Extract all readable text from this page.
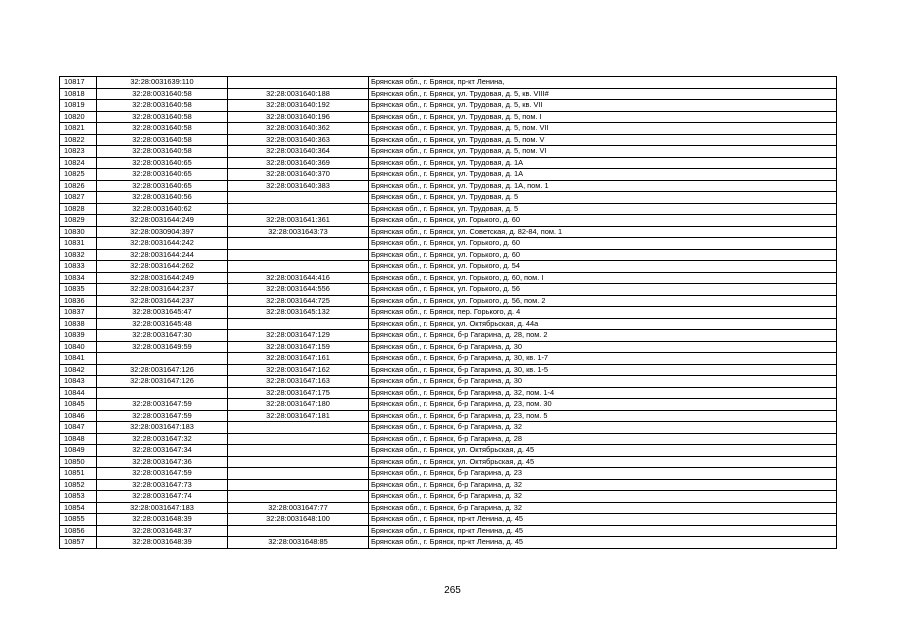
10817	32:28:0031639:110		Брянская обл., г. Брянск, пр-кт Ленина,
10818	32:28:0031640:58	32:28:0031640:188	Брянская обл., г. Брянск, ул. Трудовая, д. 5, кв. VIII#
10819	32:28:0031640:58	32:28:0031640:192	Брянская обл., г. Брянск, ул. Трудовая, д. 5, кв. VII
10820	32:28:0031640:58	32:28:0031640:196	Брянская обл., г. Брянск, ул. Трудовая, д. 5, пом. I
10821	32:28:0031640:58	32:28:0031640:362	Брянская обл., г. Брянск, ул. Трудовая, д. 5, пом. VII
10822	32:28:0031640:58	32:28:0031640:363	Брянская обл., г. Брянск, ул. Трудовая, д. 5, пом. V
10823	32:28:0031640:58	32:28:0031640:364	Брянская обл., г. Брянск, ул. Трудовая, д. 5, пом. VI
10824	32:28:0031640:65	32:28:0031640:369	Брянская обл., г. Брянск, ул. Трудовая, д. 1А
10825	32:28:0031640:65	32:28:0031640:370	Брянская обл., г. Брянск, ул. Трудовая, д. 1А
10826	32:28:0031640:65	32:28:0031640:383	Брянская обл., г. Брянск, ул. Трудовая, д. 1А, пом. 1
10827	32:28:0031640:56		Брянская обл., г. Брянск, ул. Трудовая, д. 5
10828	32:28:0031640:62		Брянская обл., г. Брянск, ул. Трудовая, д. 5
10829	32:28:0031644:249	32:28:0031641:361	Брянская обл., г. Брянск, ул. Горького, д. 60
10830	32:28:0030904:397	32:28:0031643:73	Брянская обл., г. Брянск, ул. Советская, д. 82-84, пом. 1
10831	32:28:0031644:242		Брянская обл., г. Брянск, ул. Горького, д. 60
10832	32:28:0031644:244		Брянская обл., г. Брянск, ул. Горького, д. 60
10833	32:28:0031644:262		Брянская обл., г. Брянск, ул. Горького, д. 54
10834	32:28:0031644:249	32:28:0031644:416	Брянская обл., г. Брянск, ул. Горького, д. 60, пом. I
10835	32:28:0031644:237	32:28:0031644:556	Брянская обл., г. Брянск, ул. Горького, д. 56
10836	32:28:0031644:237	32:28:0031644:725	Брянская обл., г. Брянск, ул. Горького, д. 56, пом. 2
10837	32:28:0031645:47	32:28:0031645:132	Брянская обл., г. Брянск, пер. Горького, д. 4
10838	32:28:0031645:48		Брянская обл., г. Брянск, ул. Октябрьская, д. 44а
10839	32:28:0031647:30	32:28:0031647:129	Брянская обл., г. Брянск, б-р Гагарина, д. 28, пом. 2
10840	32:28:0031649:59	32:28:0031647:159	Брянская обл., г. Брянск, б-р Гагарина, д. 30
10841		32:28:0031647:161	Брянская обл., г. Брянск, б-р Гагарина, д. 30, кв. 1-7
10842	32:28:0031647:126	32:28:0031647:162	Брянская обл., г. Брянск, б-р Гагарина, д. 30, кв. 1-5
10843	32:28:0031647:126	32:28:0031647:163	Брянская обл., г. Брянск, б-р Гагарина, д. 30
10844		32:28:0031647:175	Брянская обл., г. Брянск, б-р Гагарина, д. 32, пом. 1-4
10845	32:28:0031647:59	32:28:0031647:180	Брянская обл., г. Брянск, б-р Гагарина, д. 23, пом. 30
10846	32:28:0031647:59	32:28:0031647:181	Брянская обл., г. Брянск, б-р Гагарина, д. 23, пом. 5
10847	32:28:0031647:183		Брянская обл., г. Брянск, б-р Гагарина, д. 32
10848	32:28:0031647:32		Брянская обл., г. Брянск, б-р Гагарина, д. 28
10849	32:28:0031647:34		Брянская обл., г. Брянск, ул. Октябрьская, д. 45
10850	32:28:0031647:36		Брянская обл., г. Брянск, ул. Октябрьская, д. 45
10851	32:28:0031647:59		Брянская обл., г. Брянск, б-р Гагарина, д. 23
10852	32:28:0031647:73		Брянская обл., г. Брянск, б-р Гагарина, д. 32
10853	32:28:0031647:74		Брянская обл., г. Брянск, б-р Гагарина, д. 32
10854	32:28:0031647:183	32:28:0031647:77	Брянская обл., г. Брянск, б-р Гагарина, д. 32
10855	32:28:0031648:39	32:28:0031648:100	Брянская обл., г. Брянск, пр-кт Ленина, д. 45
10856	32:28:0031648:37		Брянская обл., г. Брянск, пр-кт Ленина, д. 45
10857	32:28:0031648:39	32:28:0031648:85	Брянская обл., г. Брянск, пр-кт Ленина, д. 45
265
